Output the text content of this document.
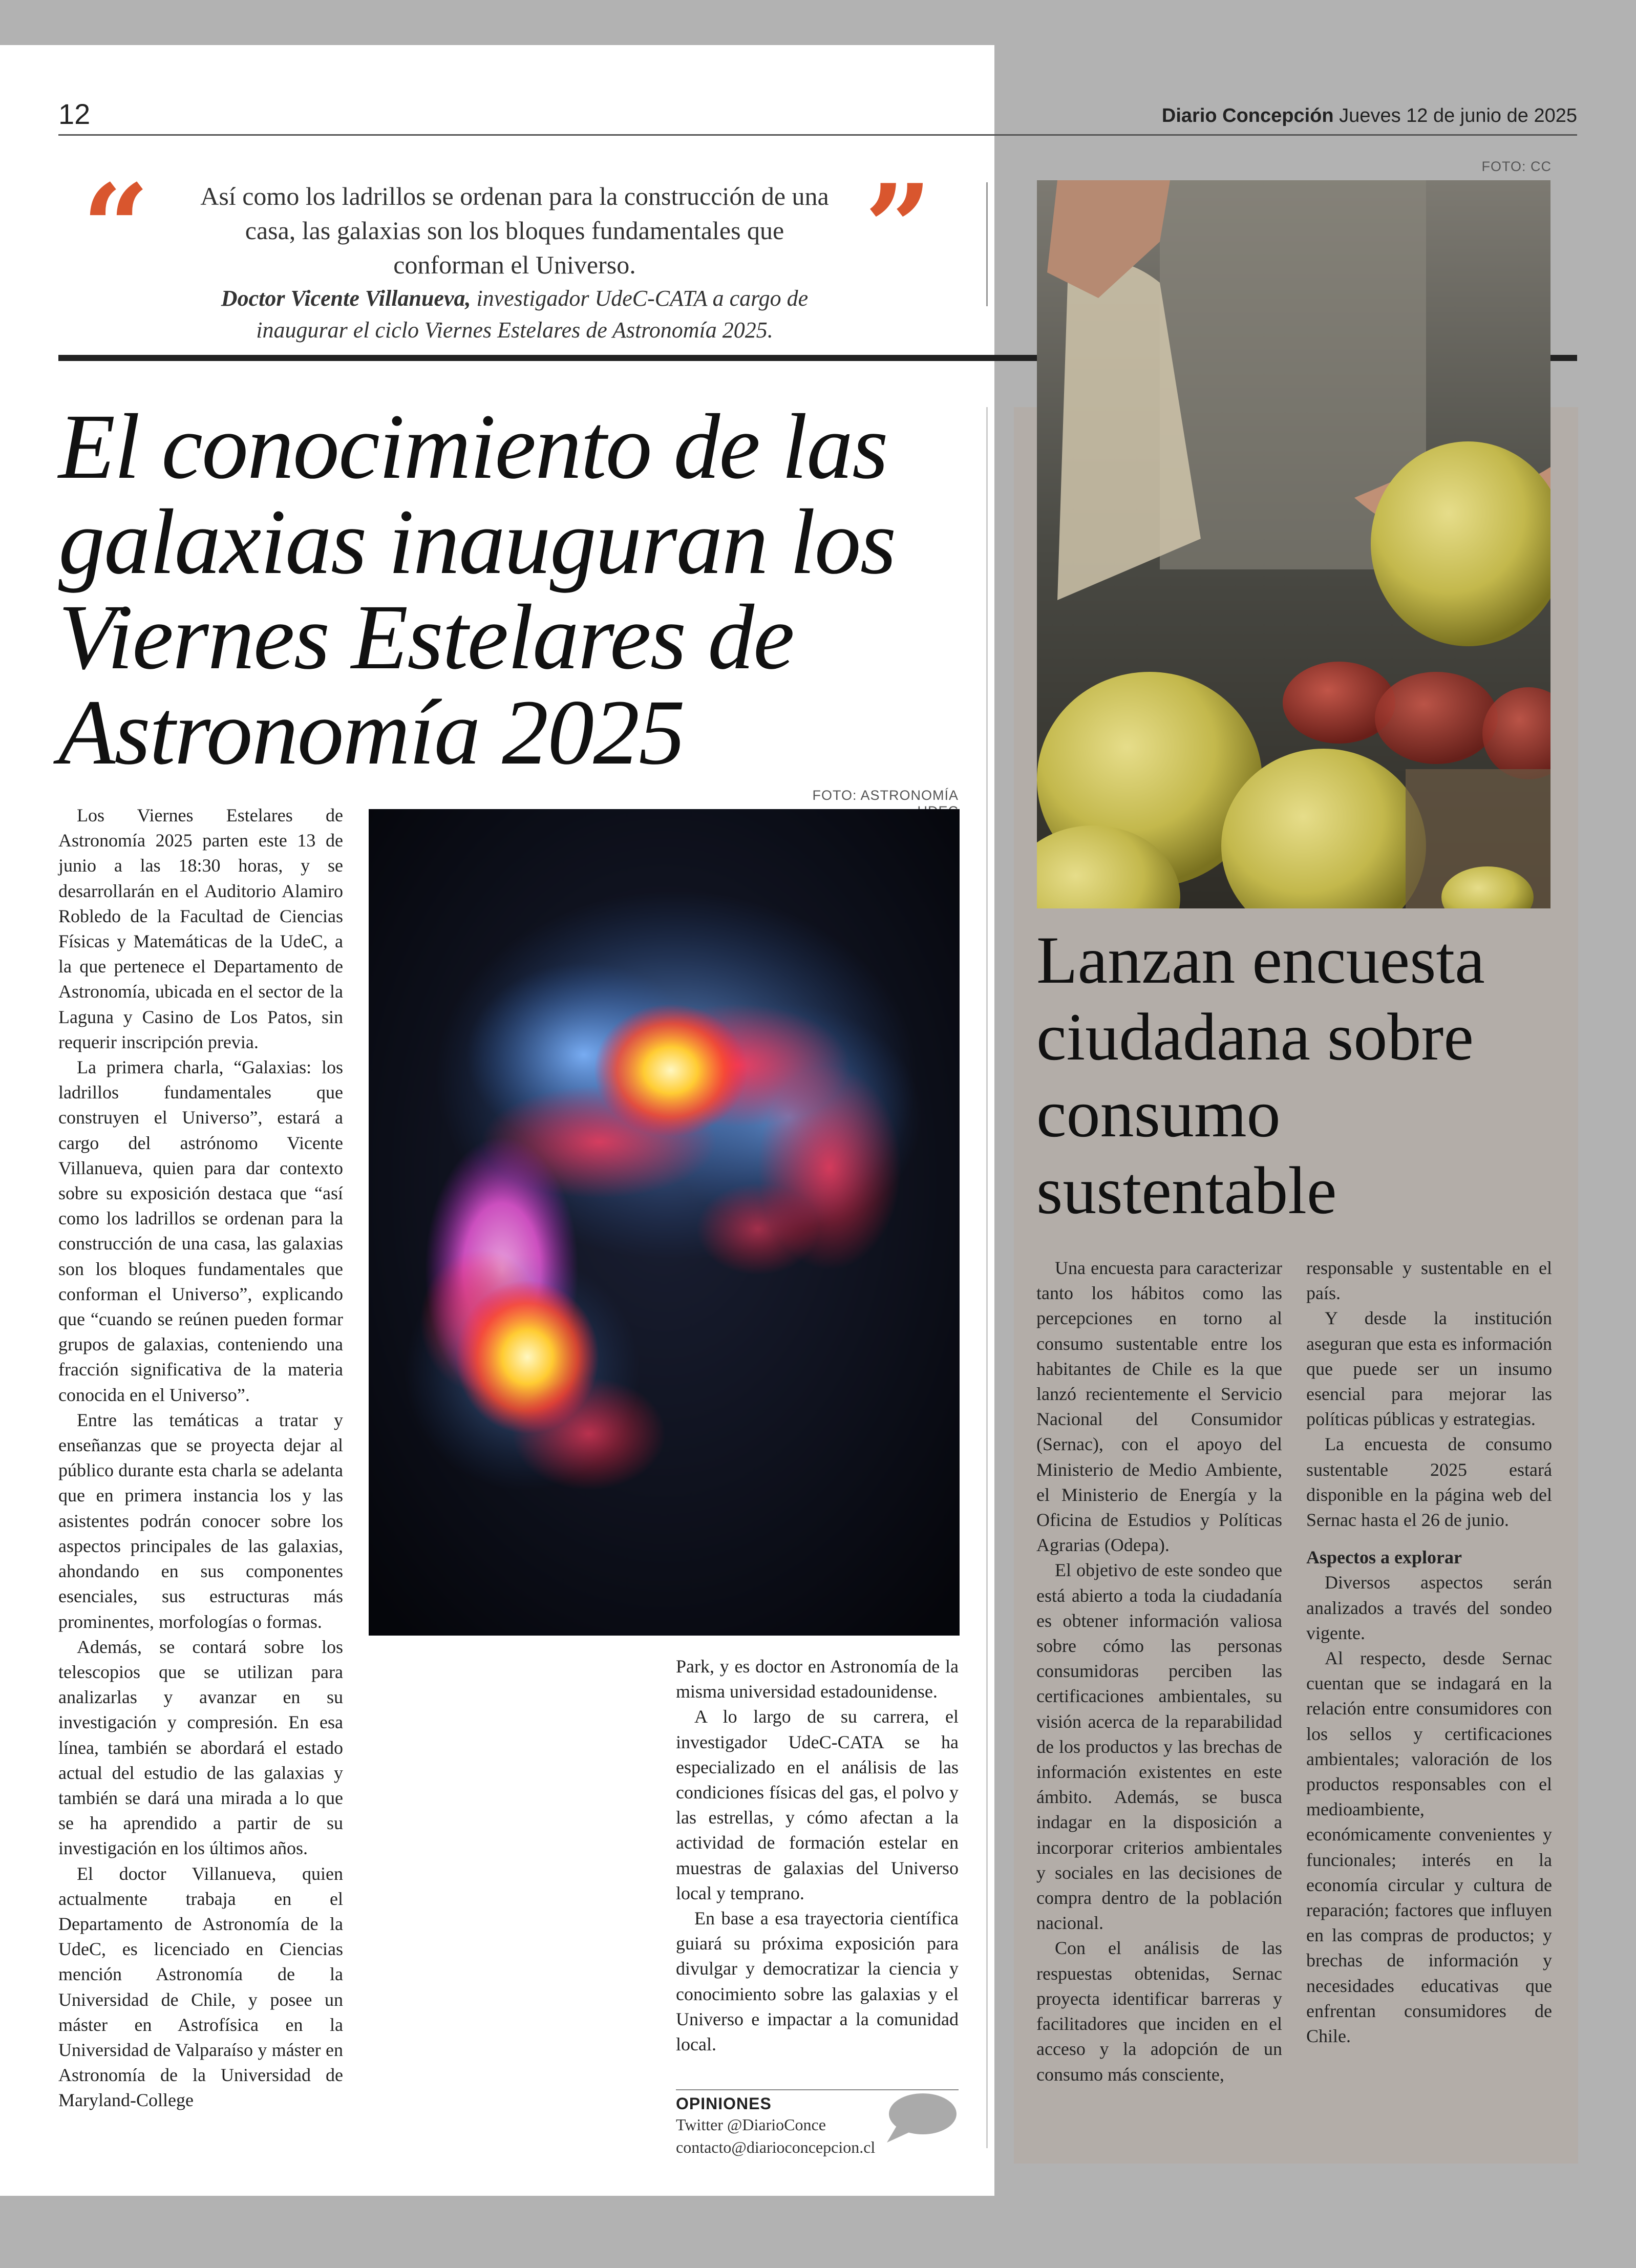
12	Diario Concepción Jueves 12 de junio de 2025
“	”
Así como los ladrillos se ordenan para la construcción de una casa, las galaxias son los bloques fundamentales que conforman el Universo.
Doctor Vicente Villanueva, investigador UdeC-CATA a cargo de inaugurar el ciclo Viernes Estelares de Astronomía 2025.
El conocimiento de las galaxias inauguran los Viernes Estelares de Astronomía 2025
FOTO: ASTRONOMÍA
FOTO: CC

Los Viernes Estelares de Astronomía 2025 parten este 13 de junio a las 18:30 horas, y se desarrollarán en el Auditorio Alamiro Robledo de la Facultad de Ciencias Físicas y Matemáticas de la UdeC, a la que pertenece el Departamento de Astronomía, ubicada en el sector de la Laguna y Casino de Los Patos, sin requerir inscripción previa.

La primera charla, “Galaxias: los ladrillos fundamentales que construyen el Universo”, estará a cargo del astrónomo Vicente Villanueva, quien para dar contexto sobre su exposición destaca que “así como los ladrillos se ordenan para la construcción de una casa, las galaxias son los bloques fundamentales que conforman el Universo”, explicando que “cuando se reúnen pueden formar grupos de galaxias, conteniendo una fracción significativa de la materia conocida en el Universo”.

Entre las temáticas a tratar y enseñanzas que se proyecta dejar al público durante esta charla se adelanta que en primera instancia los y las asistentes podrán conocer sobre los aspectos principales de las galaxias, ahondando en sus componentes esenciales, sus estructuras más prominentes, morfologías o formas.

Además, se contará sobre los telescopios que se utilizan para analizarlas y avanzar en su investigación y compresión. En esa línea, también se abordará el estado actual del estudio de las galaxias y también se dará una mirada a lo que se ha aprendido a partir de su investigación en los últimos años.

El doctor Villanueva, quien actualmente trabaja en el Departamento de Astronomía de la UdeC, es licenciado en Ciencias mención Astronomía de la Universidad de Chile, y posee un máster en Astrofísica en la Universidad de Valparaíso y máster en Astronomía de la Universidad de Maryland-College

Park, y es doctor en Astronomía de la misma universidad estadounidense.

A lo largo de su carrera, el investigador UdeC-CATA se ha especializado en el análisis de las condiciones físicas del gas, el polvo y las estrellas, y cómo afectan a la actividad de formación estelar en muestras de galaxias del Universo local y temprano.

En base a esa trayectoria científica guiará su próxima exposición para divulgar y democratizar la ciencia y conocimiento sobre las galaxias y el Universo e impactar a la comunidad local.

OPINIONES
Twitter @DiarioConce
contacto@diarioconcepcion.cl
Lanzan encuesta ciudadana sobre consumo sustentable

Una encuesta para caracterizar tanto los hábitos como las percepciones en torno al consumo sustentable entre los habitantes de Chile es la que lanzó recientemente el Servicio Nacional del Consumidor (Sernac), con el apoyo del Ministerio de Medio Ambiente, el Ministerio de Energía y la Oficina de Estudios y Políticas Agrarias (Odepa).

El objetivo de este sondeo que está abierto a toda la ciudadanía es obtener información valiosa sobre cómo las personas consumidoras perciben las certificaciones ambientales, su visión acerca de la reparabilidad de los productos y las brechas de información existentes en este ámbito. Además, se busca indagar en la disposición a incorporar criterios ambientales y sociales en las decisiones de compra dentro de la población nacional.

Con el análisis de las respuestas obtenidas, Sernac proyecta identificar barreras y facilitadores que inciden en el acceso y la adopción de un consumo más consciente,

responsable y sustentable en el país.

Y desde la institución aseguran que esta es información que puede ser un insumo esencial para mejorar las políticas públicas y estrategias.

La encuesta de consumo sustentable 2025 estará disponible en la página web del Sernac hasta el 26 de junio.

Aspectos a explorar

Diversos aspectos serán analizados a través del sondeo vigente.

Al respecto, desde Sernac cuentan que se indagará en la relación entre consumidores con los sellos y certificaciones ambientales; valoración de los productos responsables con el medioambiente, económicamente convenientes y funcionales; interés en la economía circular y cultura de reparación; factores que influyen en las compras de productos; y brechas de información y necesidades educativas que enfrentan consumidores de Chile.
